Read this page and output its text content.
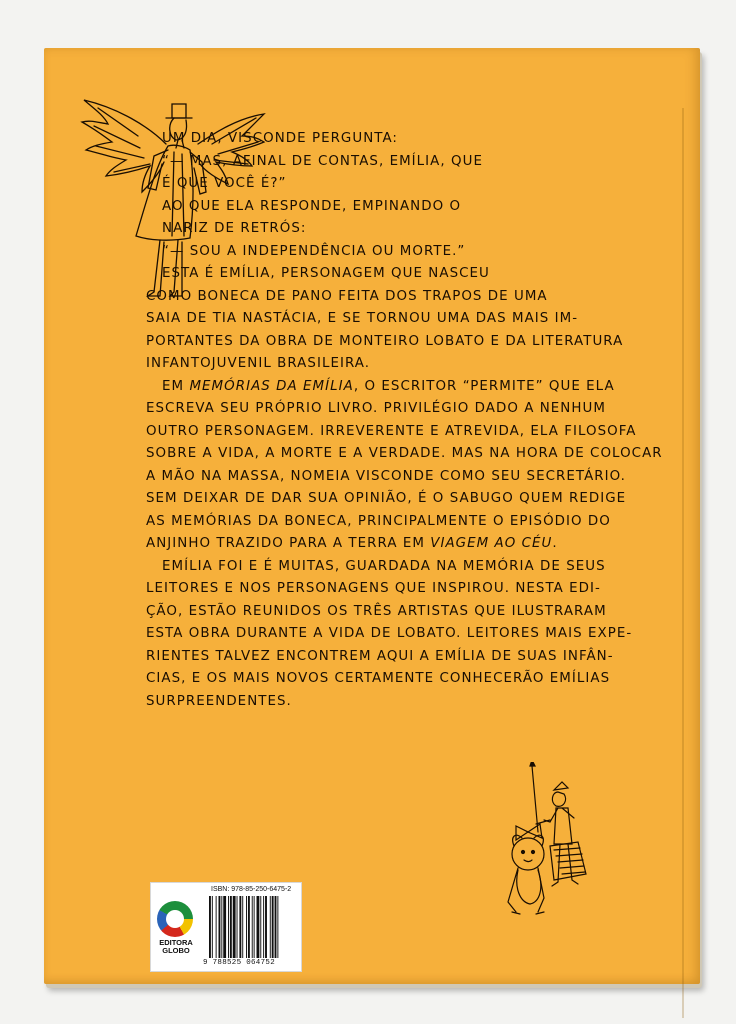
UM DIA, VISCONDE PERGUNTA:
“— MAS, AFINAL DE CONTAS, EMÍLIA, QUE
É QUE VOCÊ É?”
AO QUE ELA RESPONDE, EMPINANDO O
NARIZ DE RETRÓS:
“— SOU A INDEPENDÊNCIA OU MORTE.”
ESTA É EMÍLIA, PERSONAGEM QUE NASCEU
COMO BONECA DE PANO FEITA DOS TRAPOS DE UMA
SAIA DE TIA NASTÁCIA, E SE TORNOU UMA DAS MAIS IM-
PORTANTES DA OBRA DE MONTEIRO LOBATO E DA LITERATURA
INFANTOJUVENIL BRASILEIRA.
EM MEMÓRIAS DA EMÍLIA, O ESCRITOR “PERMITE” QUE ELA
ESCREVA SEU PRÓPRIO LIVRO. PRIVILÉGIO DADO A NENHUM
OUTRO PERSONAGEM. IRREVERENTE E ATREVIDA, ELA FILOSOFA
SOBRE A VIDA, A MORTE E A VERDADE. MAS NA HORA DE COLOCAR
A MÃO NA MASSA, NOMEIA VISCONDE COMO SEU SECRETÁRIO.
SEM DEIXAR DE DAR SUA OPINIÃO, É O SABUGO QUEM REDIGE
AS MEMÓRIAS DA BONECA, PRINCIPALMENTE O EPISÓDIO DO
ANJINHO TRAZIDO PARA A TERRA EM VIAGEM AO CÉU.
EMÍLIA FOI E É MUITAS, GUARDADA NA MEMÓRIA DE SEUS
LEITORES E NOS PERSONAGENS QUE INSPIROU. NESTA EDI-
ÇÃO, ESTÃO REUNIDOS OS TRÊS ARTISTAS QUE ILUSTRARAM
ESTA OBRA DURANTE A VIDA DE LOBATO. LEITORES MAIS EXPE-
RIENTES TALVEZ ENCONTREM AQUI A EMÍLIA DE SUAS INFÂN-
CIAS, E OS MAIS NOVOS CERTAMENTE CONHECERÃO EMÍLIAS
SURPREENDENTES.
EDITORA
GLOBO
ISBN: 978-85-250-6475-2
9 788525 064752
